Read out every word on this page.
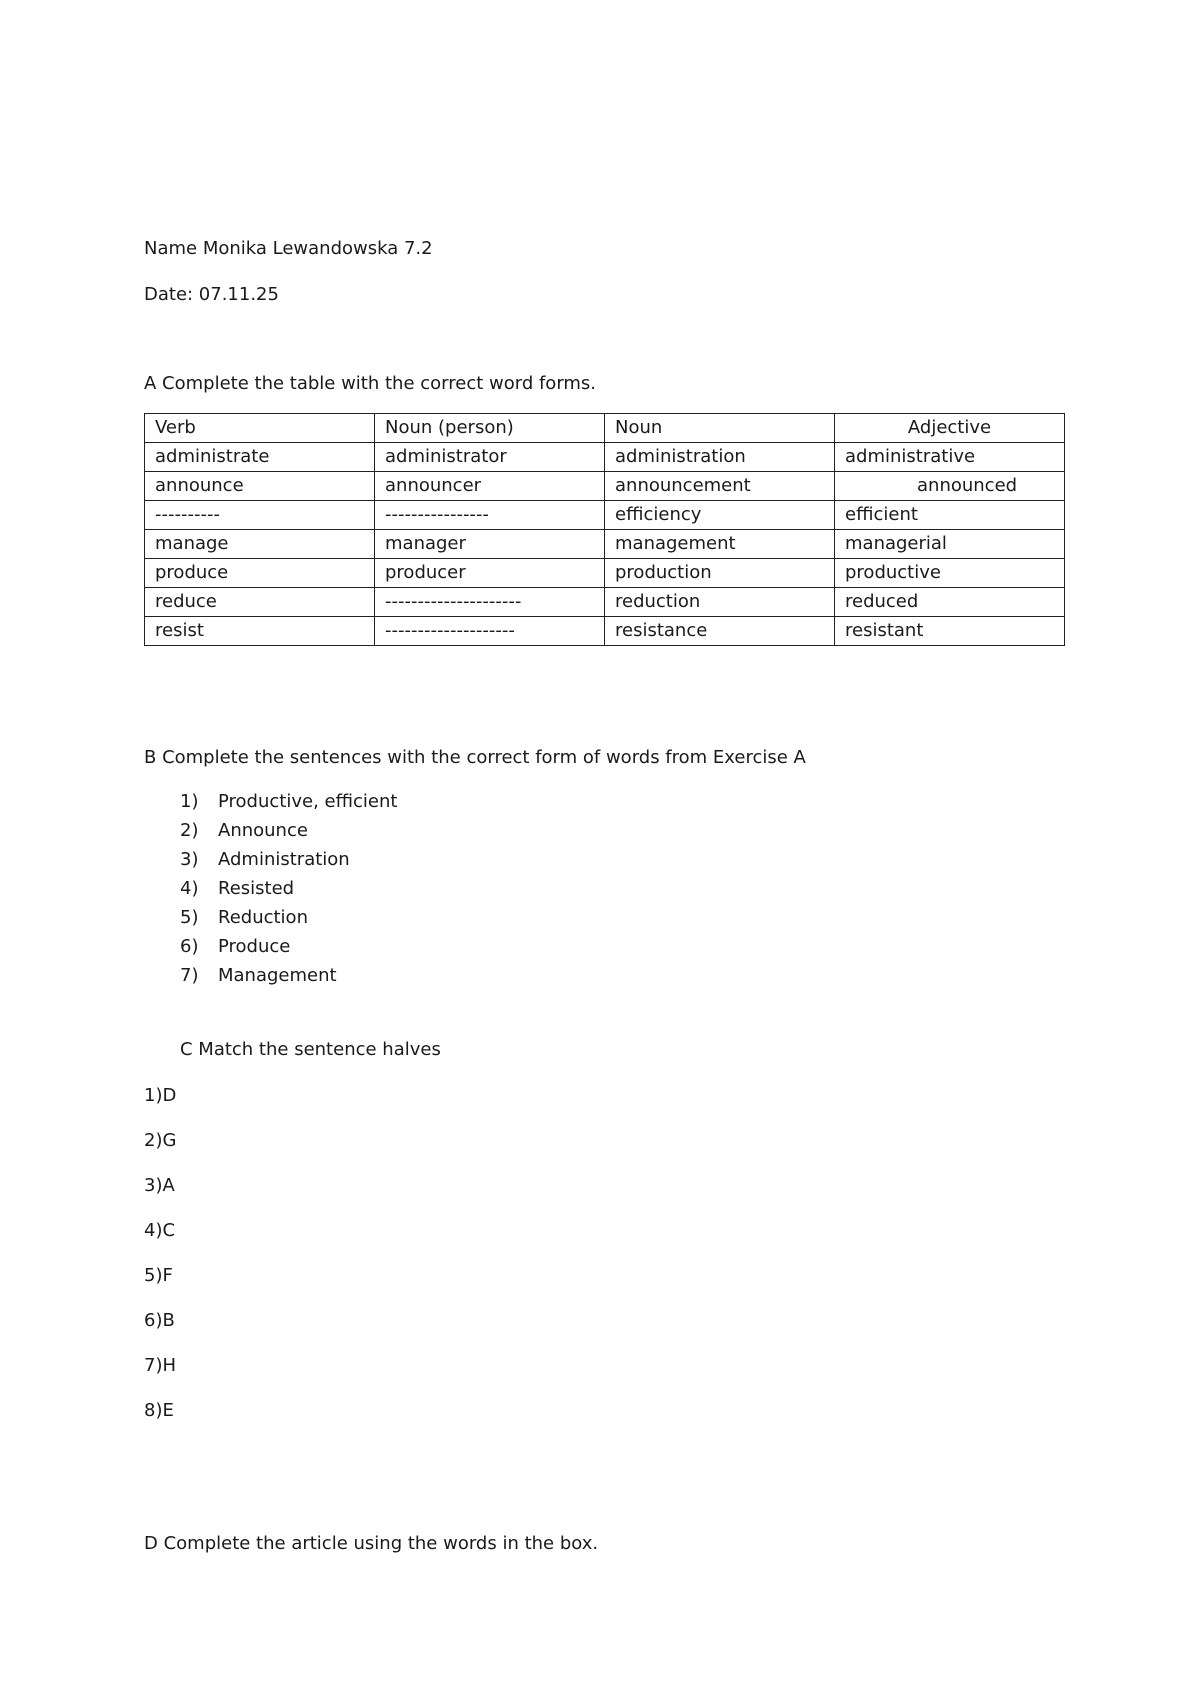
Name Monika Lewandowska 7.2
Date: 07.11.25
A Complete the table with the correct word forms.
Verb	Noun (person)	Noun	Adjective
administrate	administrator	administration	administrative
announce	announcer	announcement	announced
----------	----------------	efficiency	efficient
manage	manager	management	managerial
produce	producer	production	productive
reduce	---------------------	reduction	reduced
resist	--------------------	resistance	resistant
B Complete the sentences with the correct form of words from Exercise A
1) Productive, efficient
2) Announce
3) Administration
4) Resisted
5) Reduction
6) Produce
7) Management
C Match the sentence halves
1)D
2)G
3)A
4)C
5)F
6)B
7)H
8)E
D Complete the article using the words in the box.
